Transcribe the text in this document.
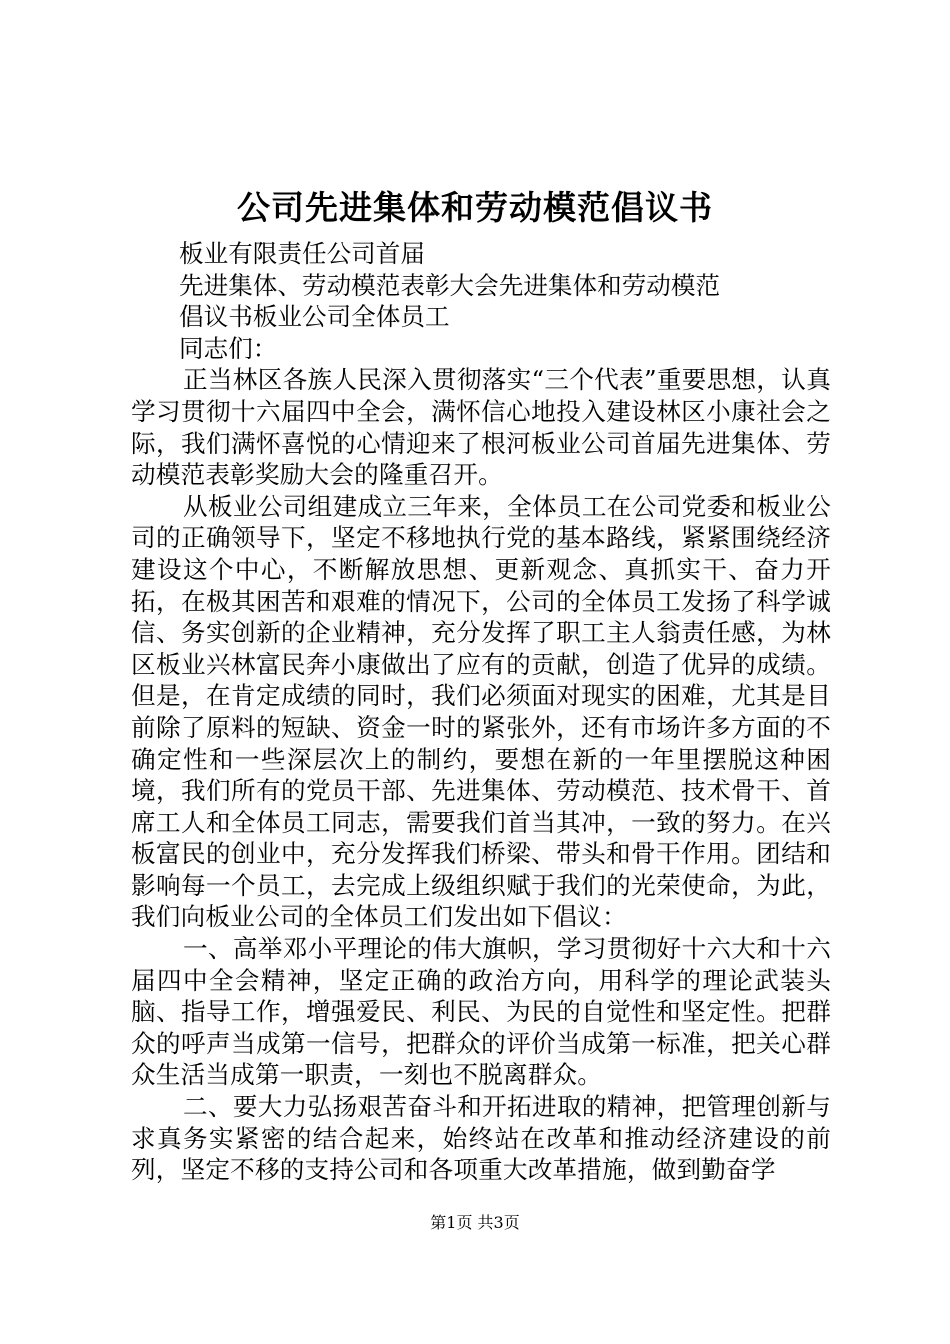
公司先进集体和劳动模范倡议书
板业有限责任公司首届
先进集体、劳动模范表彰大会先进集体和劳动模范
倡议书板业公司全体员工
同志们：
正当林区各族人民深入贯彻落实“三个代表”重要思想，认真学习贯彻十六届四中全会，满怀信心地投入建设林区小康社会之际，我们满怀喜悦的心情迎来了根河板业公司首届先进集体、劳动模范表彰奖励大会的隆重召开。
从板业公司组建成立三年来，全体员工在公司党委和板业公司的正确领导下，坚定不移地执行党的基本路线，紧紧围绕经济建设这个中心，不断解放思想、更新观念、真抓实干、奋力开拓，在极其困苦和艰难的情况下，公司的全体员工发扬了科学诚信、务实创新的企业精神，充分发挥了职工主人翁责任感，为林区板业兴林富民奔小康做出了应有的贡献，创造了优异的成绩。但是，在肯定成绩的同时，我们必须面对现实的困难，尤其是目前除了原料的短缺、资金一时的紧张外，还有市场许多方面的不确定性和一些深层次上的制约，要想在新的一年里摆脱这种困境，我们所有的党员干部、先进集体、劳动模范、技术骨干、首席工人和全体员工同志，需要我们首当其冲，一致的努力。在兴板富民的创业中，充分发挥我们桥梁、带头和骨干作用。团结和影响每一个员工，去完成上级组织赋于我们的光荣使命，为此，我们向板业公司的全体员工们发出如下倡议：
一、高举邓小平理论的伟大旗帜，学习贯彻好十六大和十六届四中全会精神，坚定正确的政治方向，用科学的理论武装头脑、指导工作，增强爱民、利民、为民的自觉性和坚定性。把群众的呼声当成第一信号，把群众的评价当成第一标准，把关心群众生活当成第一职责，一刻也不脱离群众。
二、要大力弘扬艰苦奋斗和开拓进取的精神，把管理创新与求真务实紧密的结合起来，始终站在改革和推动经济建设的前列，坚定不移的支持公司和各项重大改革措施，做到勤奋学
第1页 共3页
